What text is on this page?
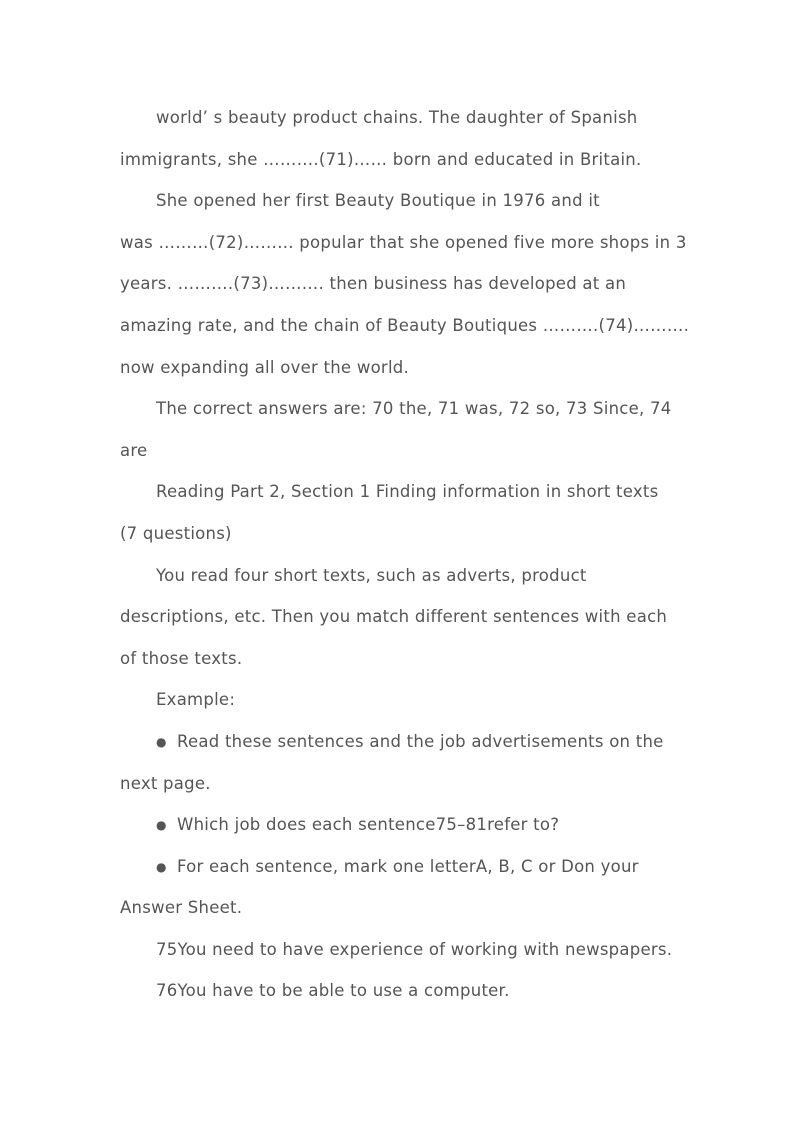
world’ s beauty product chains. The daughter of Spanish
immigrants, she ……….(71)…… born and educated in Britain.
She opened her first Beauty Boutique in 1976 and it
was ………(72)……… popular that she opened five more shops in 3
years. ……….(73)………. then business has developed at an
amazing rate, and the chain of Beauty Boutiques ……….(74)……….
now expanding all over the world.
The correct answers are: 70 the, 71 was, 72 so, 73 Since, 74
are
Reading Part 2, Section 1 Finding information in short texts
(7 questions)
You read four short texts, such as adverts, product
descriptions, etc. Then you match different sentences with each
of those texts.
Example:
● Read these sentences and the job advertisements on the
next page.
● Which job does each sentence75–81refer to?
● For each sentence, mark one letterA, B, C or Don your
Answer Sheet.
75You need to have experience of working with newspapers.
76You have to be able to use a computer.
